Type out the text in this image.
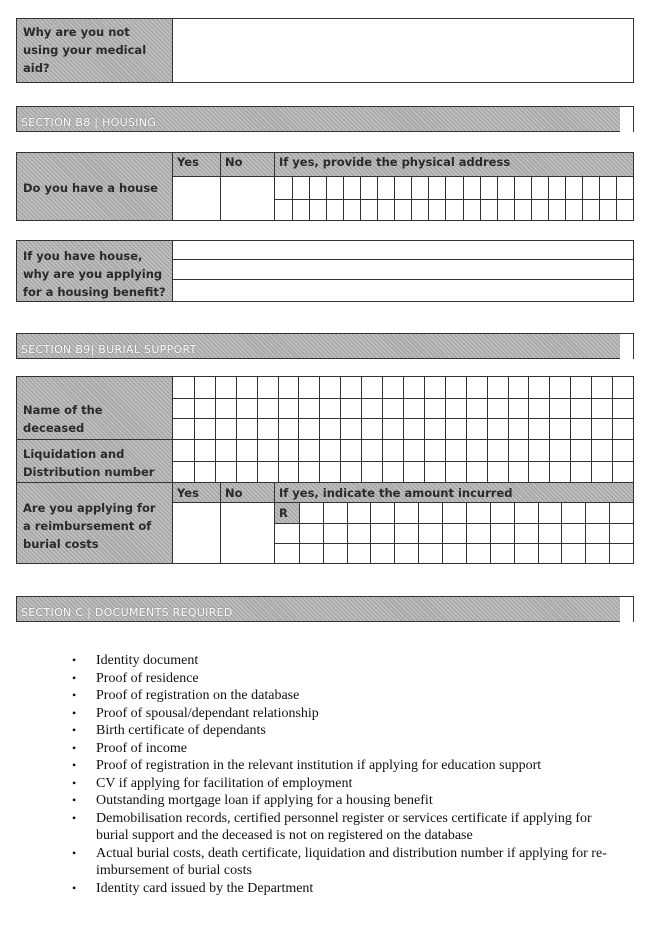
Why are you not using your medical aid?
SECTION B8 | HOUSING
Do you have a house
Yes	No	If yes, provide the physical address
If you have house, why are you applying for a housing benefit?
SECTION B9| BURIAL SUPPORT
Name of the deceased
Liquidation and Distribution number
Are you applying for a reimbursement of burial costs
Yes	No	If yes, indicate the amount incurred
R
SECTION C | DOCUMENTS REQUIRED
• Identity document
• Proof of residence
• Proof of registration on the database
• Proof of spousal/dependant relationship
• Birth certificate of dependants
• Proof of income
• Proof of registration in the relevant institution if applying for education support
• CV if applying for facilitation of employment
• Outstanding mortgage loan if applying for a housing benefit
• Demobilisation records, certified personnel register or services certificate if applying for burial support and the deceased is not on registered on the database
• Actual burial costs, death certificate, liquidation and distribution number if applying for re-imbursement of burial costs
• Identity card issued by the Department
